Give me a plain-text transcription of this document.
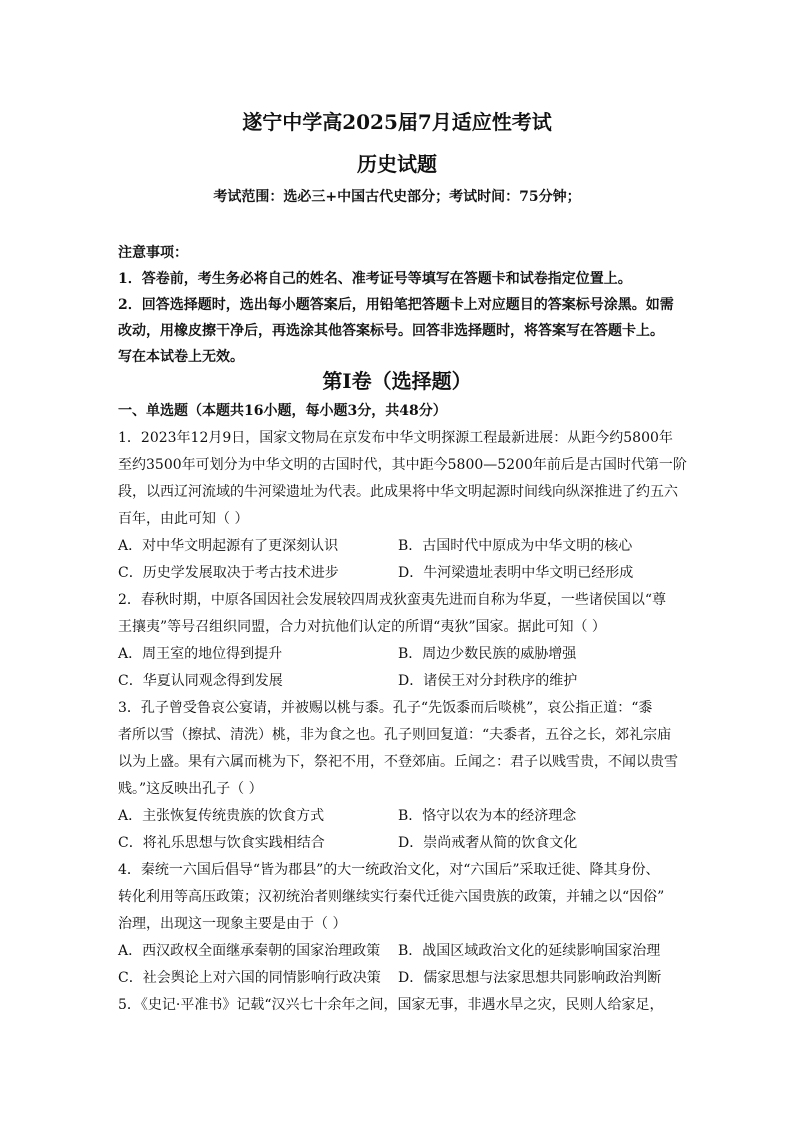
遂宁中学高2025届7月适应性考试
历史试题
考试范围：选必三+中国古代史部分；考试时间：75分钟；
注意事项：
1．答卷前，考生务必将自己的姓名、准考证号等填写在答题卡和试卷指定位置上。
2．回答选择题时，选出每小题答案后，用铅笔把答题卡上对应题目的答案标号涂黑。如需
改动，用橡皮擦干净后，再选涂其他答案标号。回答非选择题时，将答案写在答题卡上。
写在本试卷上无效。
第I卷（选择题）
一、单选题（本题共16小题，每小题3分，共48分）
1．2023年12月9日，国家文物局在京发布中华文明探源工程最新进展：从距今约5800年
至约3500年可划分为中华文明的古国时代，其中距今5800—5200年前后是古国时代第一阶
段，以西辽河流域的牛河梁遗址为代表。此成果将中华文明起源时间线向纵深推进了约五六
百年，由此可知（ ）
A．对中华文明起源有了更深刻认识	B．古国时代中原成为中华文明的核心
C．历史学发展取决于考古技术进步	D．牛河梁遗址表明中华文明已经形成
2．春秋时期，中原各国因社会发展较四周戎狄蛮夷先进而自称为华夏，一些诸侯国以“尊
王攘夷”等号召组织同盟，合力对抗他们认定的所谓“夷狄”国家。据此可知（ ）
A．周王室的地位得到提升	B．周边少数民族的威胁增强
C．华夏认同观念得到发展	D．诸侯王对分封秩序的维护
3．孔子曾受鲁哀公宴请，并被赐以桃与黍。孔子“先饭黍而后啖桃”，哀公指正道：“黍
者所以雪（擦拭、清洗）桃，非为食之也。孔子则回复道：“夫黍者，五谷之长，郊礼宗庙
以为上盛。果有六属而桃为下，祭祀不用，不登郊庙。丘闻之：君子以贱雪贵，不闻以贵雪
贱。”这反映出孔子（ ）
A．主张恢复传统贵族的饮食方式	B．恪守以农为本的经济理念
C．将礼乐思想与饮食实践相结合	D．崇尚戒奢从简的饮食文化
4．秦统一六国后倡导“皆为郡县”的大一统政治文化，对“六国后”采取迁徙、降其身份、
转化利用等高压政策；汉初统治者则继续实行秦代迁徙六国贵族的政策，并辅之以“因俗”
治理，出现这一现象主要是由于（ ）
A．西汉政权全面继承秦朝的国家治理政策 B．战国区域政治文化的延续影响国家治理
C．社会舆论上对六国的同情影响行政决策 D．儒家思想与法家思想共同影响政治判断
5．《史记·平准书》记载“汉兴七十余年之间，国家无事，非遇水旱之灾，民则人给家足，
